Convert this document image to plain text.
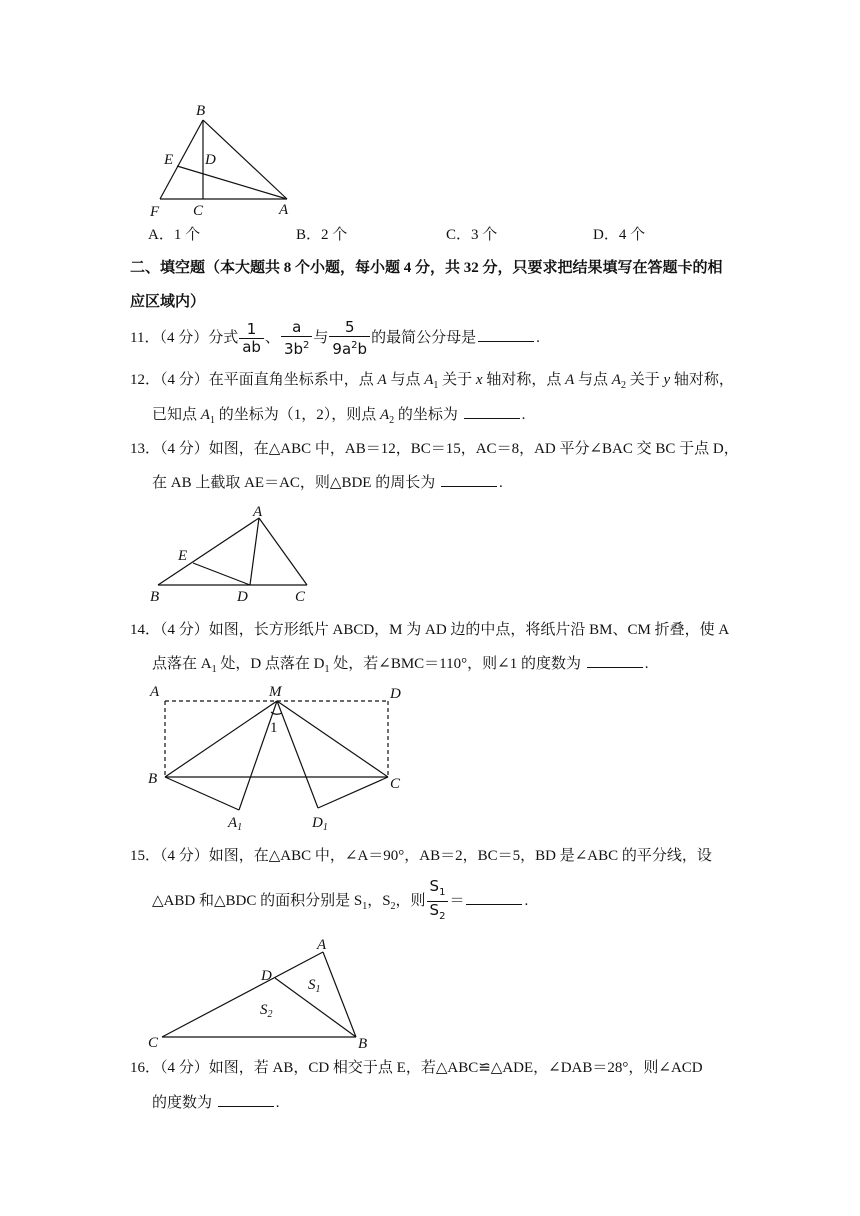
B
E D
F C	A
A．1 个	B．2 个	C．3 个	D．4 个
二、填空题（本大题共 8 个小题，每小题 4 分，共 32 分，只要求把结果填写在答题卡的相
应区域内）
11．（4 分）分式 $\frac{1}{ab}$ 、 $\frac{a}{3b^2}$ 与 $\frac{5}{9a^2b}$ 的最简公分母是	.
12．（4 分）在平面直角坐标系中，点 A 与点 $A_1$ 关于 x 轴对称，点 A 与点 $A_2$ 关于 y 轴对称，
已知点 $A_1$ 的坐标为（1，2），则点 $A_2$ 的坐标为	.
13．（4 分）如图，在△ABC 中，AB＝12，BC＝15，AC＝8，AD 平分∠BAC 交 BC 于点 D，
在 AB 上截取 AE＝AC，则△BDE 的周长为	.
A
E
B	D	C
14．（4 分）如图，长方形纸片 ABCD，M 为 AD 边的中点，将纸片沿 BM、CM 折叠，使 A
点落在 $A_1$ 处，D 点落在 $D_1$ 处，若∠BMC＝110°，则∠1 的度数为	.
A	M	D
1
B	C
$A_1$	$D_1$
15．（4 分）如图，在△ABC 中，∠A＝90°，AB＝2，BC＝5，BD 是∠ABC 的平分线，设
△ABD 和△BDC 的面积分别是 $S_1$，$S_2$，则 $\frac{S_1}{S_2}$ ＝	.
A
D
$S_1$
$S_2$
C	B
16．（4 分）如图，若 AB，CD 相交于点 E，若△ABC≌△ADE，∠DAB＝28°，则∠ACD
的度数为	.
